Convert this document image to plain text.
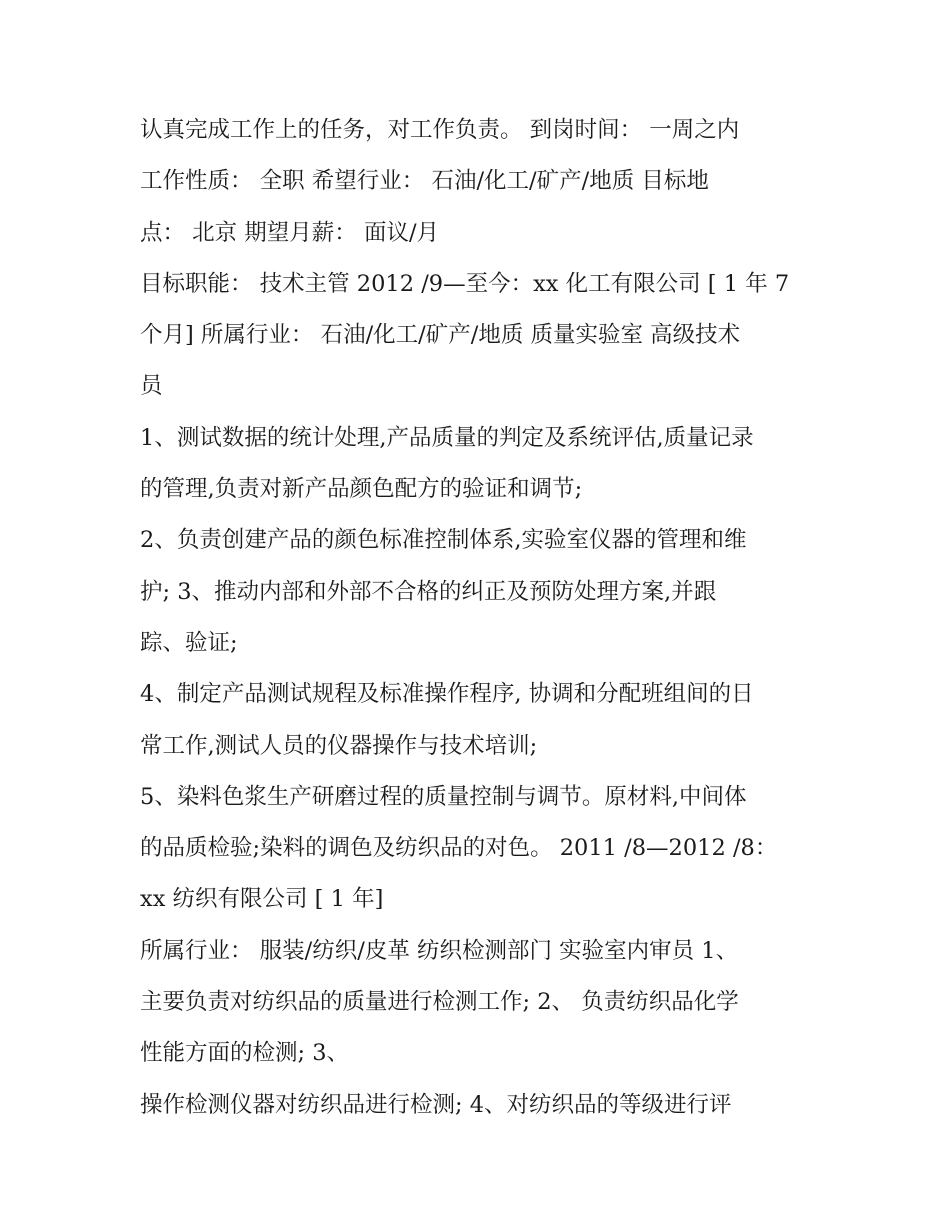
认真完成工作上的任务，对工作负责。 到岗时间： 一周之内

工作性质： 全职 希望行业： 石油/化工/矿产/地质 目标地

点： 北京 期望月薪： 面议/月

目标职能： 技术主管 2012 /9—至今：xx 化工有限公司 [ 1 年 7

个月] 所属行业： 石油/化工/矿产/地质 质量实验室 高级技术

员

1、测试数据的统计处理,产品质量的判定及系统评估,质量记录

的管理,负责对新产品颜色配方的验证和调节;

2、负责创建产品的颜色标准控制体系,实验室仪器的管理和维

护; 3、推动内部和外部不合格的纠正及预防处理方案,并跟

踪、验证;

4、制定产品测试规程及标准操作程序, 协调和分配班组间的日

常工作,测试人员的仪器操作与技术培训;

5、染料色浆生产研磨过程的质量控制与调节。原材料,中间体

的品质检验;染料的调色及纺织品的对色。 2011 /8—2012 /8：

xx 纺织有限公司 [ 1 年]

所属行业： 服装/纺织/皮革 纺织检测部门 实验室内审员 1、

主要负责对纺织品的质量进行检测工作; 2、 负责纺织品化学

性能方面的检测; 3、

操作检测仪器对纺织品进行检测; 4、对纺织品的等级进行评
